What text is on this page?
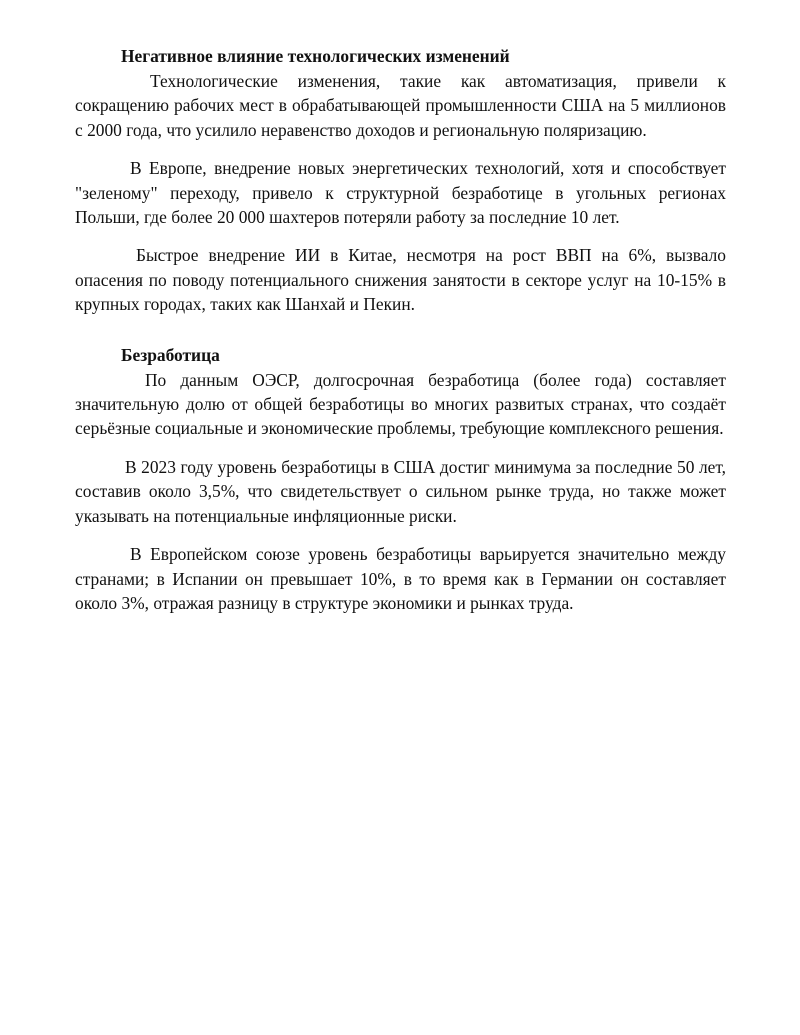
Негативное влияние технологических изменений

Технологические изменения, такие как автоматизация, привели к сокращению рабочих мест в обрабатывающей промышленности США на 5 миллионов с 2000 года, что усилило неравенство доходов и региональную поляризацию.

В Европе, внедрение новых энергетических технологий, хотя и способствует "зеленому" переходу, привело к структурной безработице в угольных регионах Польши, где более 20 000 шахтеров потеряли работу за последние 10 лет.

Быстрое внедрение ИИ в Китае, несмотря на рост ВВП на 6%, вызвало опасения по поводу потенциального снижения занятости в секторе услуг на 10-15% в крупных городах, таких как Шанхай и Пекин.

Безработица

По данным ОЭСР, долгосрочная безработица (более года) составляет значительную долю от общей безработицы во многих развитых странах, что создаёт серьёзные социальные и экономические проблемы, требующие комплексного решения.

В 2023 году уровень безработицы в США достиг минимума за последние 50 лет, составив около 3,5%, что свидетельствует о сильном рынке труда, но также может указывать на потенциальные инфляционные риски.

В Европейском союзе уровень безработицы варьируется значительно между странами; в Испании он превышает 10%, в то время как в Германии он составляет около 3%, отражая разницу в структуре экономики и рынках труда.
